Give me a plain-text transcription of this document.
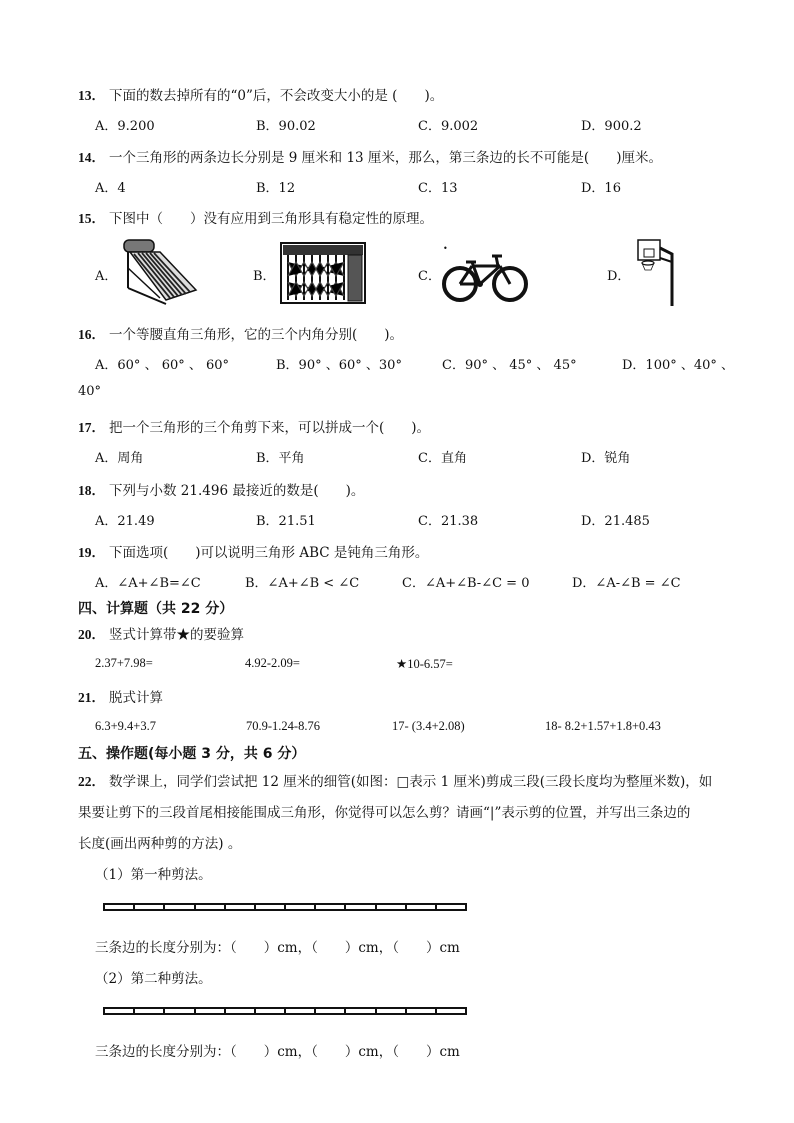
13． 下面的数去掉所有的“0”后，不会改变大小的是 (　　)。
A．9.200	B．90.02	C．9.002	D．900.2
14． 一个三角形的两条边长分别是 9 厘米和 13 厘米，那么，第三条边的长不可能是(　　)厘米。
A．4	B．12	C．13	D．16
15． 下图中（　　）没有应用到三角形具有稳定性的原理。
A．	B．	C．	D．
•
16． 一个等腰直角三角形，它的三个内角分别(　　)。
A．60° 、 60° 、 60°	B．90° 、60° 、30°	C．90° 、 45° 、 45°	D．100° 、40° 、
40°
17． 把一个三角形的三个角剪下来，可以拼成一个(　　)。
A．周角	B．平角	C．直角	D．锐角
18． 下列与小数 21.496 最接近的数是(　　)。
A．21.49	B．21.51	C．21.38	D．21.485
19． 下面选项(　　)可以说明三角形 ABC 是钝角三角形。
A．∠A+∠B=∠C	B．∠A+∠B < ∠C	C．∠A+∠B-∠C = 0	D．∠A-∠B = ∠C
四、计算题（共 22 分）
20． 竖式计算带★的要验算
2.37+7.98=	4.92-2.09=	★10-6.57=
21． 脱式计算
6.3+9.4+3.7	70.9-1.24-8.76	17- (3.4+2.08)	18- 8.2+1.57+1.8+0.43
五、操作题(每小题 3 分，共 6 分）
22． 数学课上，同学们尝试把 12 厘米的细管(如图：□表示 1 厘米)剪成三段(三段长度均为整厘米数)，如
果要让剪下的三段首尾相接能围成三角形，你觉得可以怎么剪？请画“|”表示剪的位置，并写出三条边的
长度(画出两种剪的方法) 。
（1）第一种剪法。
三条边的长度分别为：（　　）cm，（　　）cm，（　　）cm
（2）第二种剪法。
三条边的长度分别为：（　　）cm，（　　）cm，（　　）cm
